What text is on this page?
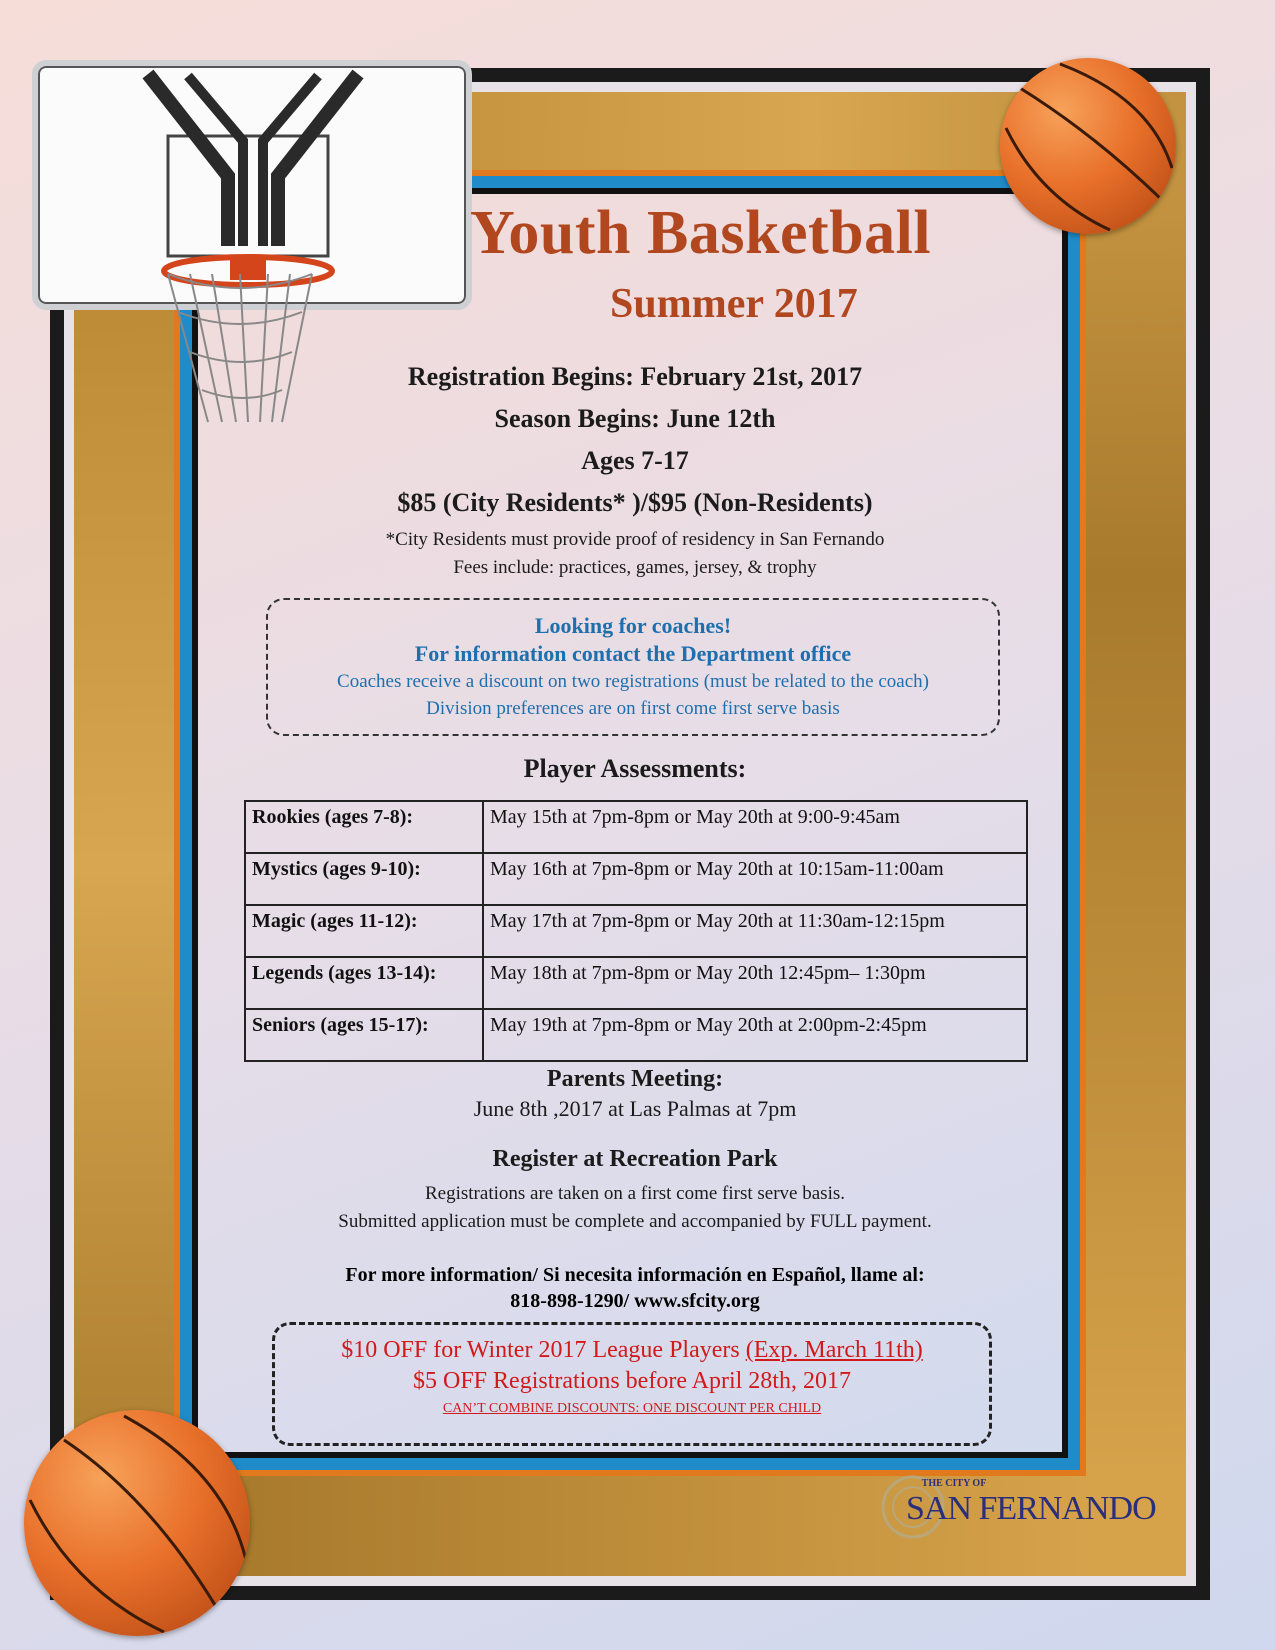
Youth Basketball
Summer 2017
Registration Begins: February 21st, 2017
Season Begins: June 12th
Ages 7-17
$85 (City Residents* )/$95 (Non-Residents)
*City Residents must provide proof of residency in San Fernando
Fees include: practices, games, jersey, & trophy
Looking for coaches!
For information contact the Department office
Coaches receive a discount on two registrations (must be related to the coach)
Division preferences are on first come first serve basis
Player Assessments:
Rookies (ages 7-8):	May 15th at 7pm-8pm or May 20th at 9:00-9:45am
Mystics (ages 9-10):	May 16th at 7pm-8pm or May 20th at 10:15am-11:00am
Magic (ages 11-12):	May 17th at 7pm-8pm or May 20th at 11:30am-12:15pm
Legends (ages 13-14):	May 18th at 7pm-8pm or May 20th 12:45pm– 1:30pm
Seniors (ages 15-17):	May 19th at 7pm-8pm or May 20th at 2:00pm-2:45pm
Parents Meeting:
June 8th ,2017 at Las Palmas at 7pm
Register at Recreation Park
Registrations are taken on a first come first serve basis.
Submitted application must be complete and accompanied by FULL payment.
For more information/ Si necesita información en Español, llame al:
818-898-1290/ www.sfcity.org
$10 OFF for Winter 2017 League Players (Exp. March 11th)
$5 OFF Registrations before April 28th, 2017
CAN’T COMBINE DISCOUNTS: ONE DISCOUNT PER CHILD
THE CITY OF
SAN FERNANDO
